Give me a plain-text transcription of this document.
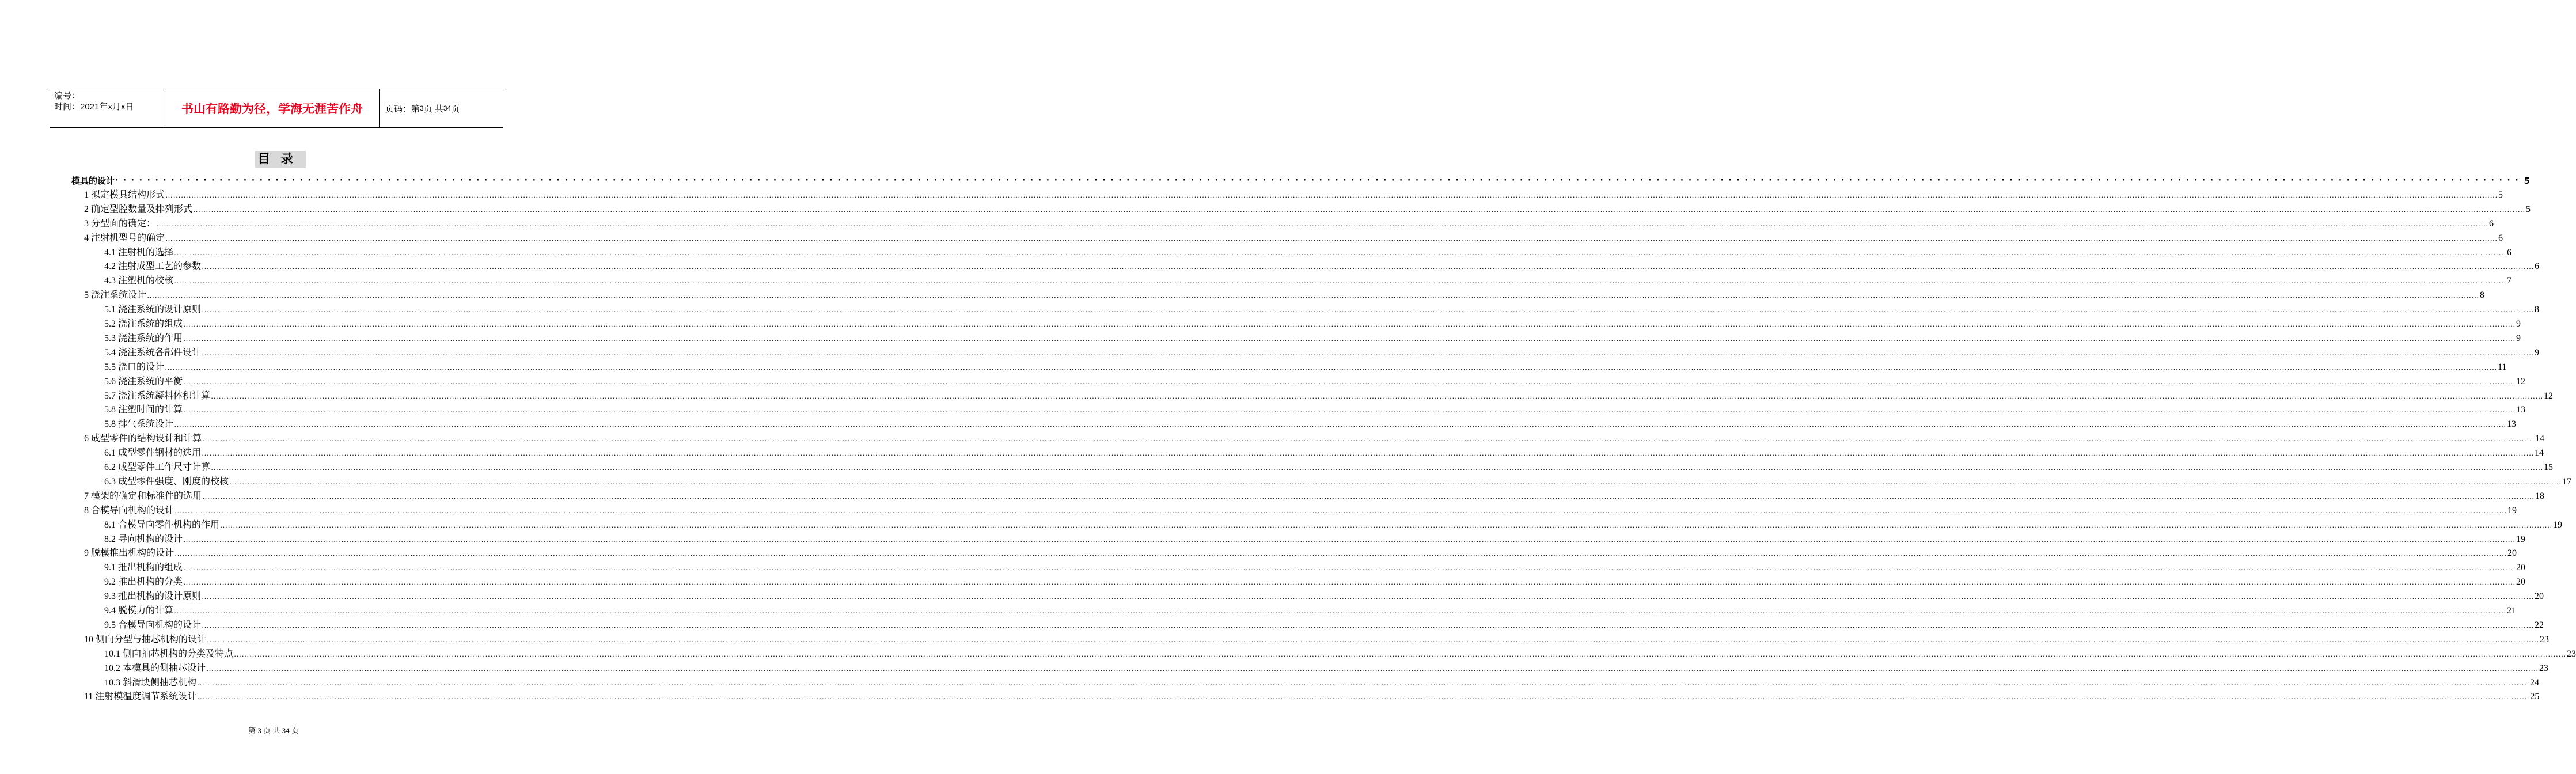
编号：
时间：2021年x月x日	书山有路勤为径，学海无涯苦作舟	页码：第 3 页 共 34 页
目录
模具的设计 ············································································································································································································································································································ 5
1 拟定模具结构形式 ……………………………………………………………………………………………………………………………………………………………………………………………………………………………………………………………………………………………………………………………………………………………………………………………………………………………………………………………………………………………………………………………………………………………………………………………………………………………………………………………………………………………………………………………………………………………………………………………………………………………… 5
2 确定型腔数量及排列形式 ……………………………………………………………………………………………………………………………………………………………………………………………………………………………………………………………………………………………………………………………………………………………………………………………………………………………………………………………………………………………………………………………………………………………………………………………………………………………………………………………………………………………………………………………………………………………………………………………………………………………… 5
3 分型面的确定： ……………………………………………………………………………………………………………………………………………………………………………………………………………………………………………………………………………………………………………………………………………………………………………………………………………………………………………………………………………………………………………………………………………………………………………………………………………………………………………………………………………………………………………………………………………………………………………………………………………………………… 6
4 注射机型号的确定 ……………………………………………………………………………………………………………………………………………………………………………………………………………………………………………………………………………………………………………………………………………………………………………………………………………………………………………………………………………………………………………………………………………………………………………………………………………………………………………………………………………………………………………………………………………………………………………………………………………………………… 6
4.1 注射机的选择 ……………………………………………………………………………………………………………………………………………………………………………………………………………………………………………………………………………………………………………………………………………………………………………………………………………………………………………………………………………………………………………………………………………………………………………………………………………………………………………………………………………………………………………………………………………………………………………………………………………………………… 6
4.2 注射成型工艺的参数 ……………………………………………………………………………………………………………………………………………………………………………………………………………………………………………………………………………………………………………………………………………………………………………………………………………………………………………………………………………………………………………………………………………………………………………………………………………………………………………………………………………………………………………………………………………………………………………………………………………………………… 6
4.3 注塑机的校核 ……………………………………………………………………………………………………………………………………………………………………………………………………………………………………………………………………………………………………………………………………………………………………………………………………………………………………………………………………………………………………………………………………………………………………………………………………………………………………………………………………………………………………………………………………………………………………………………………………………………………… 7
5 浇注系统设计 ……………………………………………………………………………………………………………………………………………………………………………………………………………………………………………………………………………………………………………………………………………………………………………………………………………………………………………………………………………………………………………………………………………………………………………………………………………………………………………………………………………………………………………………………………………………………………………………………………………………………… 8
5.1 浇注系统的设计原则 ……………………………………………………………………………………………………………………………………………………………………………………………………………………………………………………………………………………………………………………………………………………………………………………………………………………………………………………………………………………………………………………………………………………………………………………………………………………………………………………………………………………………………………………………………………………………………………………………………………………………… 8
5.2 浇注系统的组成 ……………………………………………………………………………………………………………………………………………………………………………………………………………………………………………………………………………………………………………………………………………………………………………………………………………………………………………………………………………………………………………………………………………………………………………………………………………………………………………………………………………………………………………………………………………………………………………………………………………………………… 9
5.3 浇注系统的作用 ……………………………………………………………………………………………………………………………………………………………………………………………………………………………………………………………………………………………………………………………………………………………………………………………………………………………………………………………………………………………………………………………………………………………………………………………………………………………………………………………………………………………………………………………………………………………………………………………………………………………… 9
5.4 浇注系统各部件设计 ……………………………………………………………………………………………………………………………………………………………………………………………………………………………………………………………………………………………………………………………………………………………………………………………………………………………………………………………………………………………………………………………………………………………………………………………………………………………………………………………………………………………………………………………………………………………………………………………………………………………… 9
5.5 浇口的设计 ……………………………………………………………………………………………………………………………………………………………………………………………………………………………………………………………………………………………………………………………………………………………………………………………………………………………………………………………………………………………………………………………………………………………………………………………………………………………………………………………………………………………………………………………………………………………………………………………………………………………… 11
5.6 浇注系统的平衡 ……………………………………………………………………………………………………………………………………………………………………………………………………………………………………………………………………………………………………………………………………………………………………………………………………………………………………………………………………………………………………………………………………………………………………………………………………………………………………………………………………………………………………………………………………………………………………………………………………………………………… 12
5.7 浇注系统凝料体积计算 ……………………………………………………………………………………………………………………………………………………………………………………………………………………………………………………………………………………………………………………………………………………………………………………………………………………………………………………………………………………………………………………………………………………………………………………………………………………………………………………………………………………………………………………………………………………………………………………………………………………………… 12
5.8 注塑时间的计算 ……………………………………………………………………………………………………………………………………………………………………………………………………………………………………………………………………………………………………………………………………………………………………………………………………………………………………………………………………………………………………………………………………………………………………………………………………………………………………………………………………………………………………………………………………………………………………………………………………………………………… 13
5.8 排气系统设计 ……………………………………………………………………………………………………………………………………………………………………………………………………………………………………………………………………………………………………………………………………………………………………………………………………………………………………………………………………………………………………………………………………………………………………………………………………………………………………………………………………………………………………………………………………………………………………………………………………………………………… 13
6 成型零件的结构设计和计算 ……………………………………………………………………………………………………………………………………………………………………………………………………………………………………………………………………………………………………………………………………………………………………………………………………………………………………………………………………………………………………………………………………………………………………………………………………………………………………………………………………………………………………………………………………………………………………………………………………………………………… 14
6.1 成型零件钢材的选用 ……………………………………………………………………………………………………………………………………………………………………………………………………………………………………………………………………………………………………………………………………………………………………………………………………………………………………………………………………………………………………………………………………………………………………………………………………………………………………………………………………………………………………………………………………………………………………………………………………………………………… 14
6.2 成型零件工作尺寸计算 ……………………………………………………………………………………………………………………………………………………………………………………………………………………………………………………………………………………………………………………………………………………………………………………………………………………………………………………………………………………………………………………………………………………………………………………………………………………………………………………………………………………………………………………………………………………………………………………………………………………………… 15
6.3 成型零件强度、刚度的校核 ……………………………………………………………………………………………………………………………………………………………………………………………………………………………………………………………………………………………………………………………………………………………………………………………………………………………………………………………………………………………………………………………………………………………………………………………………………………………………………………………………………………………………………………………………………………………………………………………………………………………… 17
7 模架的确定和标准件的选用 ……………………………………………………………………………………………………………………………………………………………………………………………………………………………………………………………………………………………………………………………………………………………………………………………………………………………………………………………………………………………………………………………………………………………………………………………………………………………………………………………………………………………………………………………………………………………………………………………………………………………… 18
8 合模导向机构的设计 ……………………………………………………………………………………………………………………………………………………………………………………………………………………………………………………………………………………………………………………………………………………………………………………………………………………………………………………………………………………………………………………………………………………………………………………………………………………………………………………………………………………………………………………………………………………………………………………………………………………………… 19
8.1 合模导向零件机构的作用 ……………………………………………………………………………………………………………………………………………………………………………………………………………………………………………………………………………………………………………………………………………………………………………………………………………………………………………………………………………………………………………………………………………………………………………………………………………………………………………………………………………………………………………………………………………………………………………………………………………………………… 19
8.2 导向机构的设计 ……………………………………………………………………………………………………………………………………………………………………………………………………………………………………………………………………………………………………………………………………………………………………………………………………………………………………………………………………………………………………………………………………………………………………………………………………………………………………………………………………………………………………………………………………………………………………………………………………………………………… 19
9 脱模推出机构的设计 ……………………………………………………………………………………………………………………………………………………………………………………………………………………………………………………………………………………………………………………………………………………………………………………………………………………………………………………………………………………………………………………………………………………………………………………………………………………………………………………………………………………………………………………………………………………………………………………………………………………………… 20
9.1 推出机构的组成 ……………………………………………………………………………………………………………………………………………………………………………………………………………………………………………………………………………………………………………………………………………………………………………………………………………………………………………………………………………………………………………………………………………………………………………………………………………………………………………………………………………………………………………………………………………………………………………………………………………………………… 20
9.2 推出机构的分类 ……………………………………………………………………………………………………………………………………………………………………………………………………………………………………………………………………………………………………………………………………………………………………………………………………………………………………………………………………………………………………………………………………………………………………………………………………………………………………………………………………………………………………………………………………………………………………………………………………………………………… 20
9.3 推出机构的设计原则 ……………………………………………………………………………………………………………………………………………………………………………………………………………………………………………………………………………………………………………………………………………………………………………………………………………………………………………………………………………………………………………………………………………………………………………………………………………………………………………………………………………………………………………………………………………………………………………………………………………………………… 20
9.4 脱模力的计算 ……………………………………………………………………………………………………………………………………………………………………………………………………………………………………………………………………………………………………………………………………………………………………………………………………………………………………………………………………………………………………………………………………………………………………………………………………………………………………………………………………………………………………………………………………………………………………………………………………………………………… 21
9.5 合模导向机构的设计 ……………………………………………………………………………………………………………………………………………………………………………………………………………………………………………………………………………………………………………………………………………………………………………………………………………………………………………………………………………………………………………………………………………………………………………………………………………………………………………………………………………………………………………………………………………………………………………………………………………………………… 22
10 侧向分型与抽芯机构的设计 ……………………………………………………………………………………………………………………………………………………………………………………………………………………………………………………………………………………………………………………………………………………………………………………………………………………………………………………………………………………………………………………………………………………………………………………………………………………………………………………………………………………………………………………………………………………………………………………………………………………………… 23
10.1 侧向抽芯机构的分类及特点 ……………………………………………………………………………………………………………………………………………………………………………………………………………………………………………………………………………………………………………………………………………………………………………………………………………………………………………………………………………………………………………………………………………………………………………………………………………………………………………………………………………………………………………………………………………………………………………………………………………………………… 23
10.2 本模具的侧抽芯设计 ……………………………………………………………………………………………………………………………………………………………………………………………………………………………………………………………………………………………………………………………………………………………………………………………………………………………………………………………………………………………………………………………………………………………………………………………………………………………………………………………………………………………………………………………………………………………………………………………………………………………… 23
10.3 斜滑块侧抽芯机构 ……………………………………………………………………………………………………………………………………………………………………………………………………………………………………………………………………………………………………………………………………………………………………………………………………………………………………………………………………………………………………………………………………………………………………………………………………………………………………………………………………………………………………………………………………………………………………………………………………………………………… 24
11 注射模温度调节系统设计 ……………………………………………………………………………………………………………………………………………………………………………………………………………………………………………………………………………………………………………………………………………………………………………………………………………………………………………………………………………………………………………………………………………………………………………………………………………………………………………………………………………………………………………………………………………………………………………………………………………………………… 25
第 3 页 共 34 页
